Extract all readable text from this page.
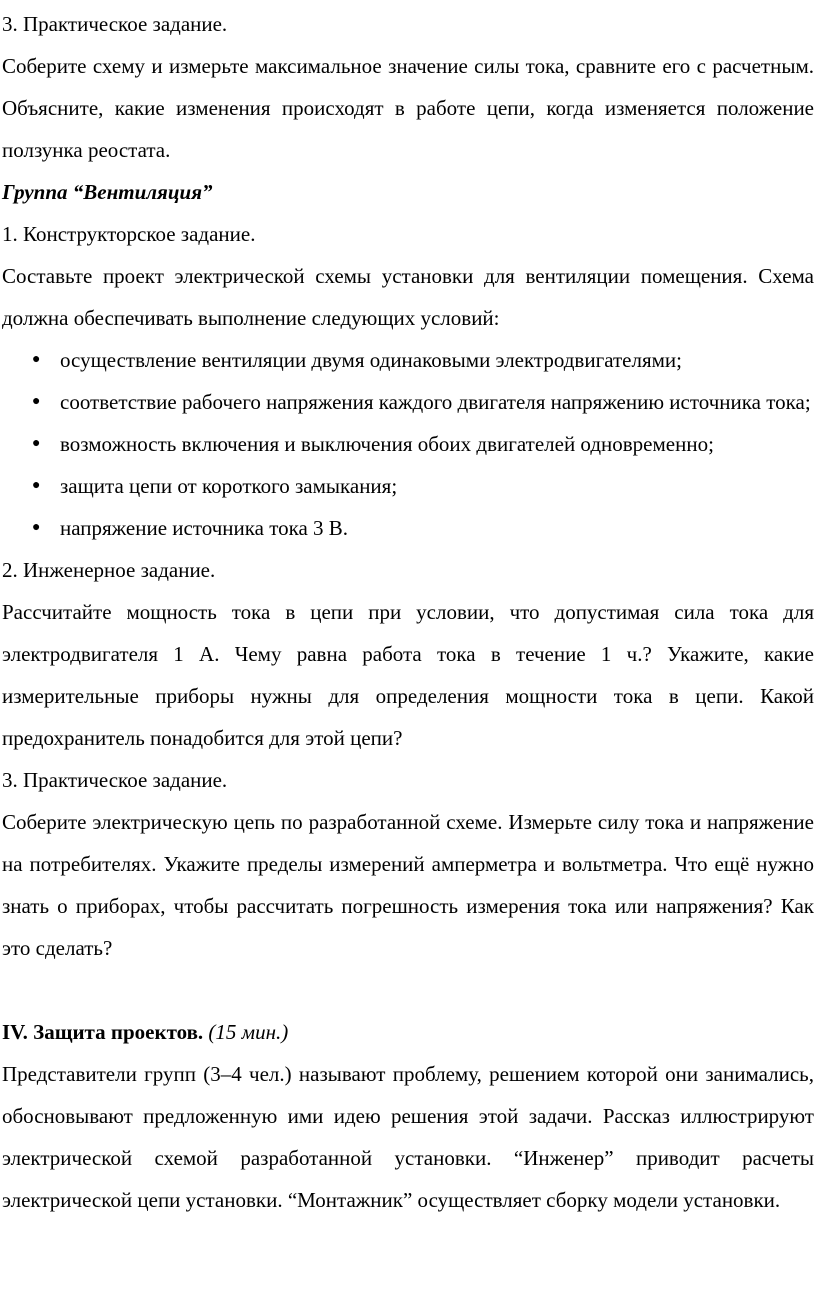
3. Практическое задание.

Соберите схему и измерьте максимальное значение силы тока, сравните его с расчетным. Объясните, какие изменения происходят в работе цепи, когда изменяется положение ползунка реостата.

Группа “Вентиляция”

1. Конструкторское задание.

Составьте проект электрической схемы установки для вентиляции помещения. Схема должна обеспечивать выполнение следующих условий:

● осуществление вентиляции двумя одинаковыми электродвигателями;
● соответствие рабочего напряжения каждого двигателя напряжению источника тока;
● возможность включения и выключения обоих двигателей одновременно;
● защита цепи от короткого замыкания;
● напряжение источника тока 3 В.

2. Инженерное задание.

Рассчитайте мощность тока в цепи при условии, что допустимая сила тока для электродвигателя 1 А. Чему равна работа тока в течение 1 ч.? Укажите, какие измерительные приборы нужны для определения мощности тока в цепи. Какой предохранитель понадобится для этой цепи?

3. Практическое задание.

Соберите электрическую цепь по разработанной схеме. Измерьте силу тока и напряжение на потребителях. Укажите пределы измерений амперметра и вольтметра. Что ещё нужно знать о приборах, чтобы рассчитать погрешность измерения тока или напряжения? Как это сделать?

IV. Защита проектов. (15 мин.)

Представители групп (3–4 чел.) называют проблему, решением которой они занимались, обосновывают предложенную ими идею решения этой задачи. Рассказ иллюстрируют электрической схемой разработанной установки. “Инженер” приводит расчеты электрической цепи установки. “Монтажник” осуществляет сборку модели установки.
